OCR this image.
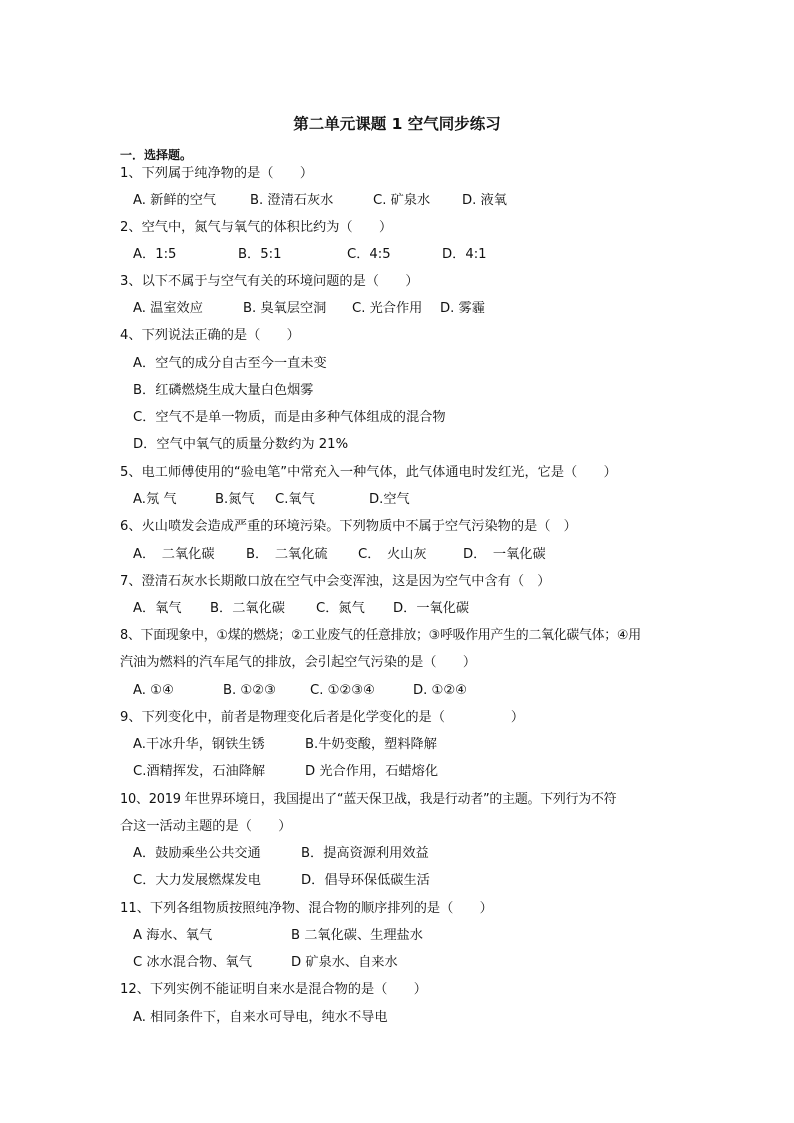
第二单元课题 1 空气同步练习
一．选择题。
1、下列属于纯净物的是（　　）
A. 新鲜的空气	B. 澄清石灰水	C. 矿泉水 D. 液氧
2、空气中，氮气与氧气的体积比约为（　　）
A．1:5	B．5:1	C．4:5	D．4:1
3、以下不属于与空气有关的环境问题的是（　　）
A. 温室效应	B. 臭氧层空洞 C. 光合作用 D. 雾霾
4、下列说法正确的是（　　）
A．空气的成分自古至今一直未变
B．红磷燃烧生成大量白色烟雾
C．空气不是单一物质，而是由多种气体组成的混合物
D．空气中氧气的质量分数约为 21%
5、电工师傅使用的“验电笔”中常充入一种气体，此气体通电时发红光，它是（　　）
A.氖 气	B.氮气 C.氧气	D.空气
6、火山喷发会造成严重的环境污染。下列物质中不属于空气污染物的是（　）
A．　二氧化碳 B．　二氧化硫 C．　火山灰	D．　一氧化碳
7、澄清石灰水长期敞口放在空气中会变浑浊，这是因为空气中含有（　）
A．氧气 B．二氧化碳 C．氮气 D．一氧化碳
8、下面现象中，①煤的燃烧；②工业废气的任意排放；③呼吸作用产生的二氧化碳气体；④用
汽油为燃料的汽车尾气的排放，会引起空气污染的是（　　）
A. ①④	B. ①②③	C. ①②③④	D. ①②④
9、下列变化中，前者是物理变化后者是化学变化的是（　　　　　）
A.干冰升华，钢铁生锈	B.牛奶变酸，塑料降解
C.酒精挥发，石油降解	D 光合作用，石蜡熔化
10、2019 年世界环境日，我国提出了“蓝天保卫战，我是行动者”的主题。下列行为不符
合这一活动主题的是（　　）
A．鼓励乘坐公共交通	B．提高资源利用效益
C．大力发展燃煤发电	D．倡导环保低碳生活
11、下列各组物质按照纯净物、混合物的顺序排列的是（　　）
A 海水、氧气	B 二氧化碳、生理盐水
C 冰水混合物、氧气	D 矿泉水、自来水
12、下列实例不能证明自来水是混合物的是（　　）
A. 相同条件下，自来水可导电，纯水不导电
